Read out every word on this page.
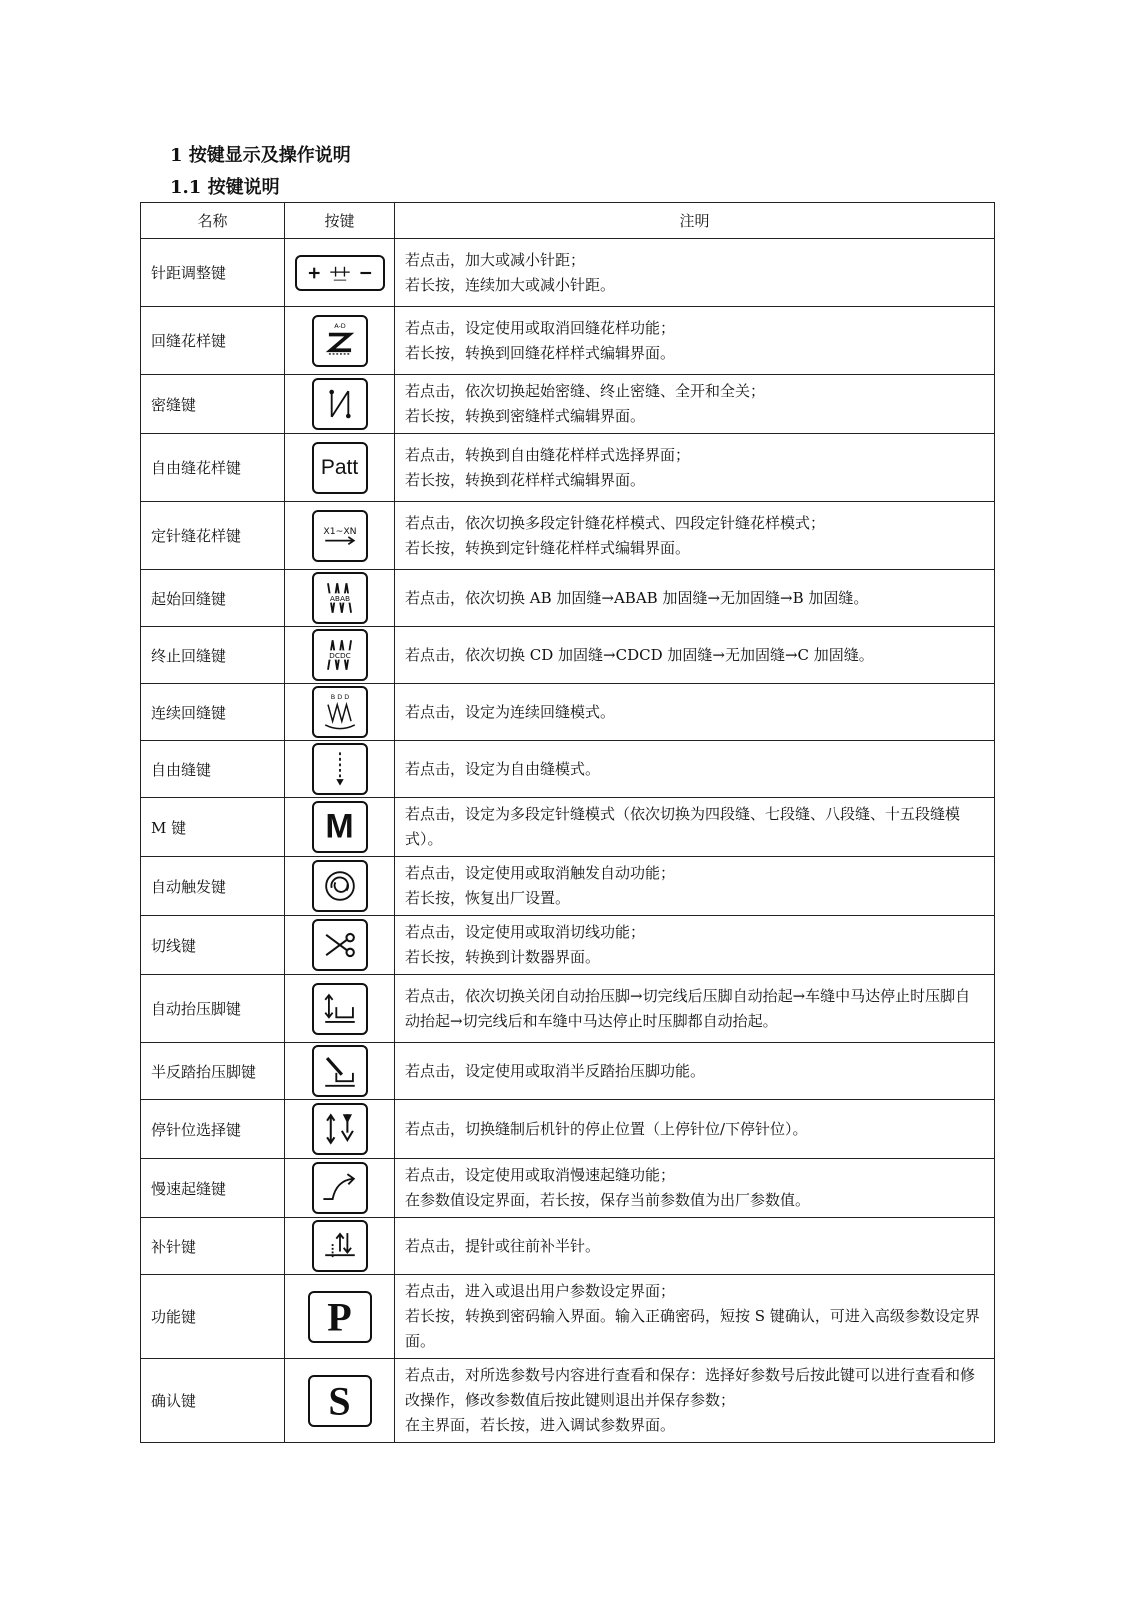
1 按键显示及操作说明
1.1 按键说明
名称	按键	注明
针距调整键		若点击，加大或减小针距；
若长按，连续加大或减小针距。

回缝花样键	A-D	若点击，设定使用或取消回缝花样功能；
若长按，转换到回缝花样样式编辑界面。

密缝键		若点击，依次切换起始密缝、终止密缝、全开和全关；
若长按，转换到密缝样式编辑界面。

自由缝花样键	Patt	若点击，转换到自由缝花样样式选择界面；
若长按，转换到花样样式编辑界面。

定针缝花样键	X1~XN	若点击，依次切换多段定针缝花样模式、四段定针缝花样模式；
若长按，转换到定针缝花样样式编辑界面。

起始回缝键	ABAB	若点击，依次切换 AB 加固缝→ABAB 加固缝→无加固缝→B 加固缝。

终止回缝键	DCDC	若点击，依次切换 CD 加固缝→CDCD 加固缝→无加固缝→C 加固缝。

连续回缝键	B D D	若点击，设定为连续回缝模式。

自由缝键		若点击，设定为自由缝模式。

M 键	M	若点击，设定为多段定针缝模式（依次切换为四段缝、七段缝、八段缝、十五段缝模式）。

自动触发键		若点击，设定使用或取消触发自动功能；
若长按，恢复出厂设置。

切线键		若点击，设定使用或取消切线功能；
若长按，转换到计数器界面。

自动抬压脚键		若点击，依次切换关闭自动抬压脚→切完线后压脚自动抬起→车缝中马达停止时压脚自动抬起→切完线后和车缝中马达停止时压脚都自动抬起。

半反踏抬压脚键		若点击，设定使用或取消半反踏抬压脚功能。

停针位选择键		若点击，切换缝制后机针的停止位置（上停针位/下停针位）。

慢速起缝键		若点击，设定使用或取消慢速起缝功能；
在参数值设定界面，若长按，保存当前参数值为出厂参数值。

补针键		若点击，提针或往前补半针。

功能键	P	若点击，进入或退出用户参数设定界面；
若长按，转换到密码输入界面。输入正确密码，短按 S 键确认，可进入高级参数设定界面。

确认键	S	若点击，对所选参数号内容进行查看和保存：选择好参数号后按此键可以进行查看和修改操作，修改参数值后按此键则退出并保存参数；
在主界面，若长按，进入调试参数界面。
